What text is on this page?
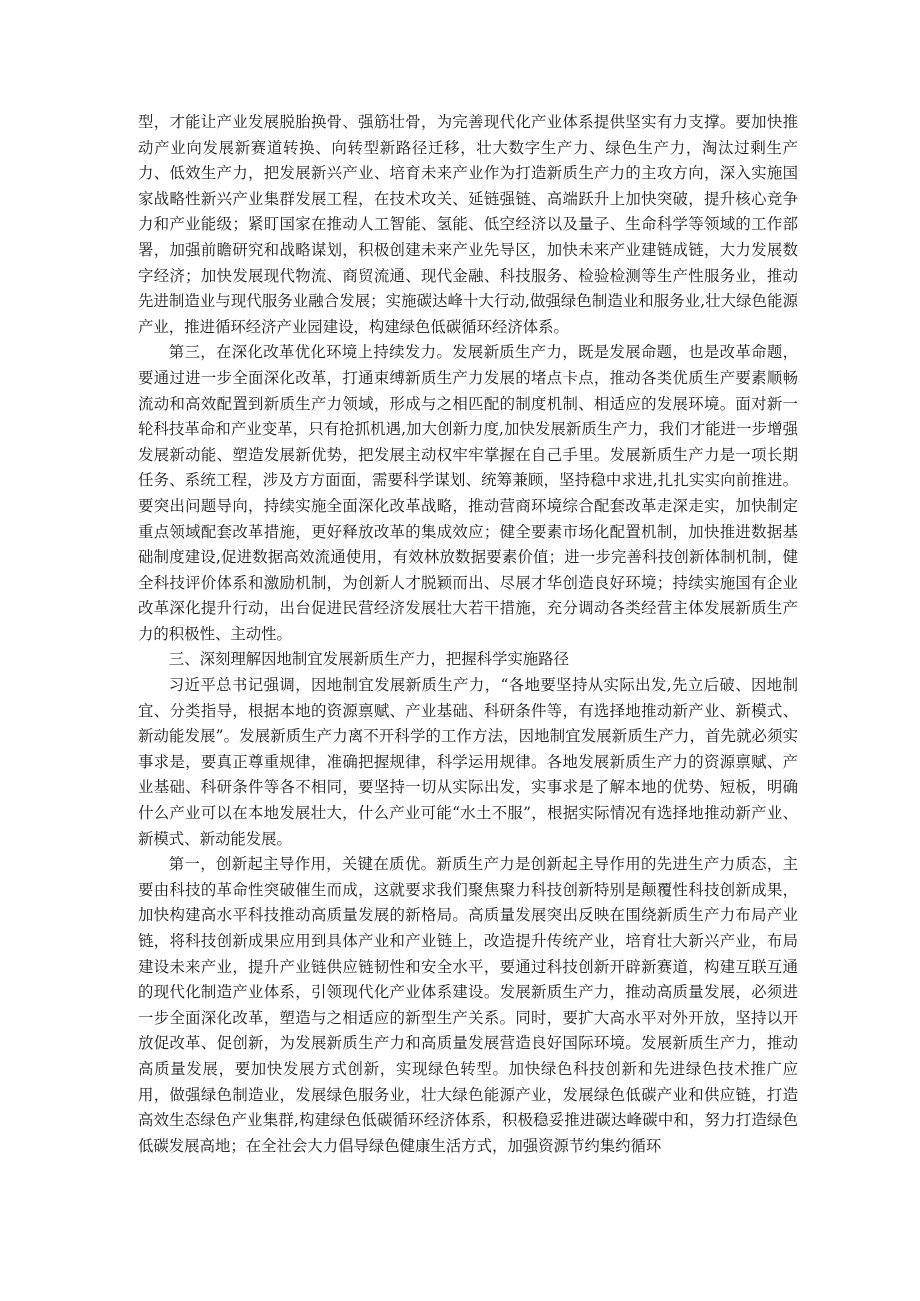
型，才能让产业发展脱胎换骨、强筋壮骨，为完善现代化产业体系提供坚实有力支撑。要加快推动产业向发展新赛道转换、向转型新路径迁移，壮大数字生产力、绿色生产力，淘汰过剩生产力、低效生产力，把发展新兴产业、培育未来产业作为打造新质生产力的主攻方向，深入实施国家战略性新兴产业集群发展工程，在技术攻关、延链强链、高端跃升上加快突破，提升核心竞争力和产业能级；紧盯国家在推动人工智能、氢能、低空经济以及量子、生命科学等领域的工作部署，加强前瞻研究和战略谋划，积极创建未来产业先导区，加快未来产业建链成链，大力发展数字经济；加快发展现代物流、商贸流通、现代金融、科技服务、检验检测等生产性服务业，推动先进制造业与现代服务业融合发展；实施碳达峰十大行动,做强绿色制造业和服务业,壮大绿色能源产业，推进循环经济产业园建设，构建绿色低碳循环经济体系。

第三，在深化改革优化环境上持续发力。发展新质生产力，既是发展命题，也是改革命题，要通过进一步全面深化改革，打通束缚新质生产力发展的堵点卡点，推动各类优质生产要素顺畅流动和高效配置到新质生产力领域，形成与之相匹配的制度机制、相适应的发展环境。面对新一轮科技革命和产业变革，只有抢抓机遇,加大创新力度,加快发展新质生产力，我们才能进一步增强发展新动能、塑造发展新优势，把发展主动权牢牢掌握在自己手里。发展新质生产力是一项长期任务、系统工程，涉及方方面面，需要科学谋划、统筹兼顾，坚持稳中求进,扎扎实实向前推进。要突出问题导向，持续实施全面深化改革战略，推动营商环境综合配套改革走深走实，加快制定重点领域配套改革措施，更好释放改革的集成效应；健全要素市场化配置机制，加快推进数据基础制度建设,促进数据高效流通使用，有效林放数据要素价值；进一步完善科技创新体制机制，健全科技评价体系和激励机制，为创新人才脱颖而出、尽展才华创造良好环境；持续实施国有企业改革深化提升行动，出台促进民营经济发展壮大若干措施，充分调动各类经营主体发展新质生产力的积极性、主动性。

三、深刻理解因地制宜发展新质生产力，把握科学实施路径

习近平总书记强调，因地制宜发展新质生产力，“各地要坚持从实际出发,先立后破、因地制宜、分类指导，根据本地的资源禀赋、产业基础、科研条件等，有选择地推动新产业、新模式、新动能发展”。发展新质生产力离不开科学的工作方法，因地制宜发展新质生产力，首先就必须实事求是，要真正尊重规律，准确把握规律，科学运用规律。各地发展新质生产力的资源禀赋、产业基础、科研条件等各不相同，要坚持一切从实际出发，实事求是了解本地的优势、短板，明确什么产业可以在本地发展壮大，什么产业可能“水土不服”，根据实际情况有选择地推动新产业、新模式、新动能发展。

第一，创新起主导作用，关键在质优。新质生产力是创新起主导作用的先进生产力质态，主要由科技的革命性突破催生而成，这就要求我们聚焦聚力科技创新特别是颠覆性科技创新成果，加快构建高水平科技推动高质量发展的新格局。高质量发展突出反映在围绕新质生产力布局产业链，将科技创新成果应用到具体产业和产业链上，改造提升传统产业，培育壮大新兴产业，布局建设未来产业，提升产业链供应链韧性和安全水平，要通过科技创新开辟新赛道，构建互联互通的现代化制造产业体系，引领现代化产业体系建设。发展新质生产力，推动高质量发展，必须进一步全面深化改革，塑造与之相适应的新型生产关系。同时，要扩大高水平对外开放，坚持以开放促改革、促创新，为发展新质生产力和高质量发展营造良好国际环境。发展新质生产力，推动高质量发展，要加快发展方式创新，实现绿色转型。加快绿色科技创新和先进绿色技术推广应用，做强绿色制造业，发展绿色服务业，壮大绿色能源产业，发展绿色低碳产业和供应链，打造高效生态绿色产业集群,构建绿色低碳循环经济体系，积极稳妥推进碳达峰碳中和，努力打造绿色低碳发展高地；在全社会大力倡导绿色健康生活方式，加强资源节约集约循环
